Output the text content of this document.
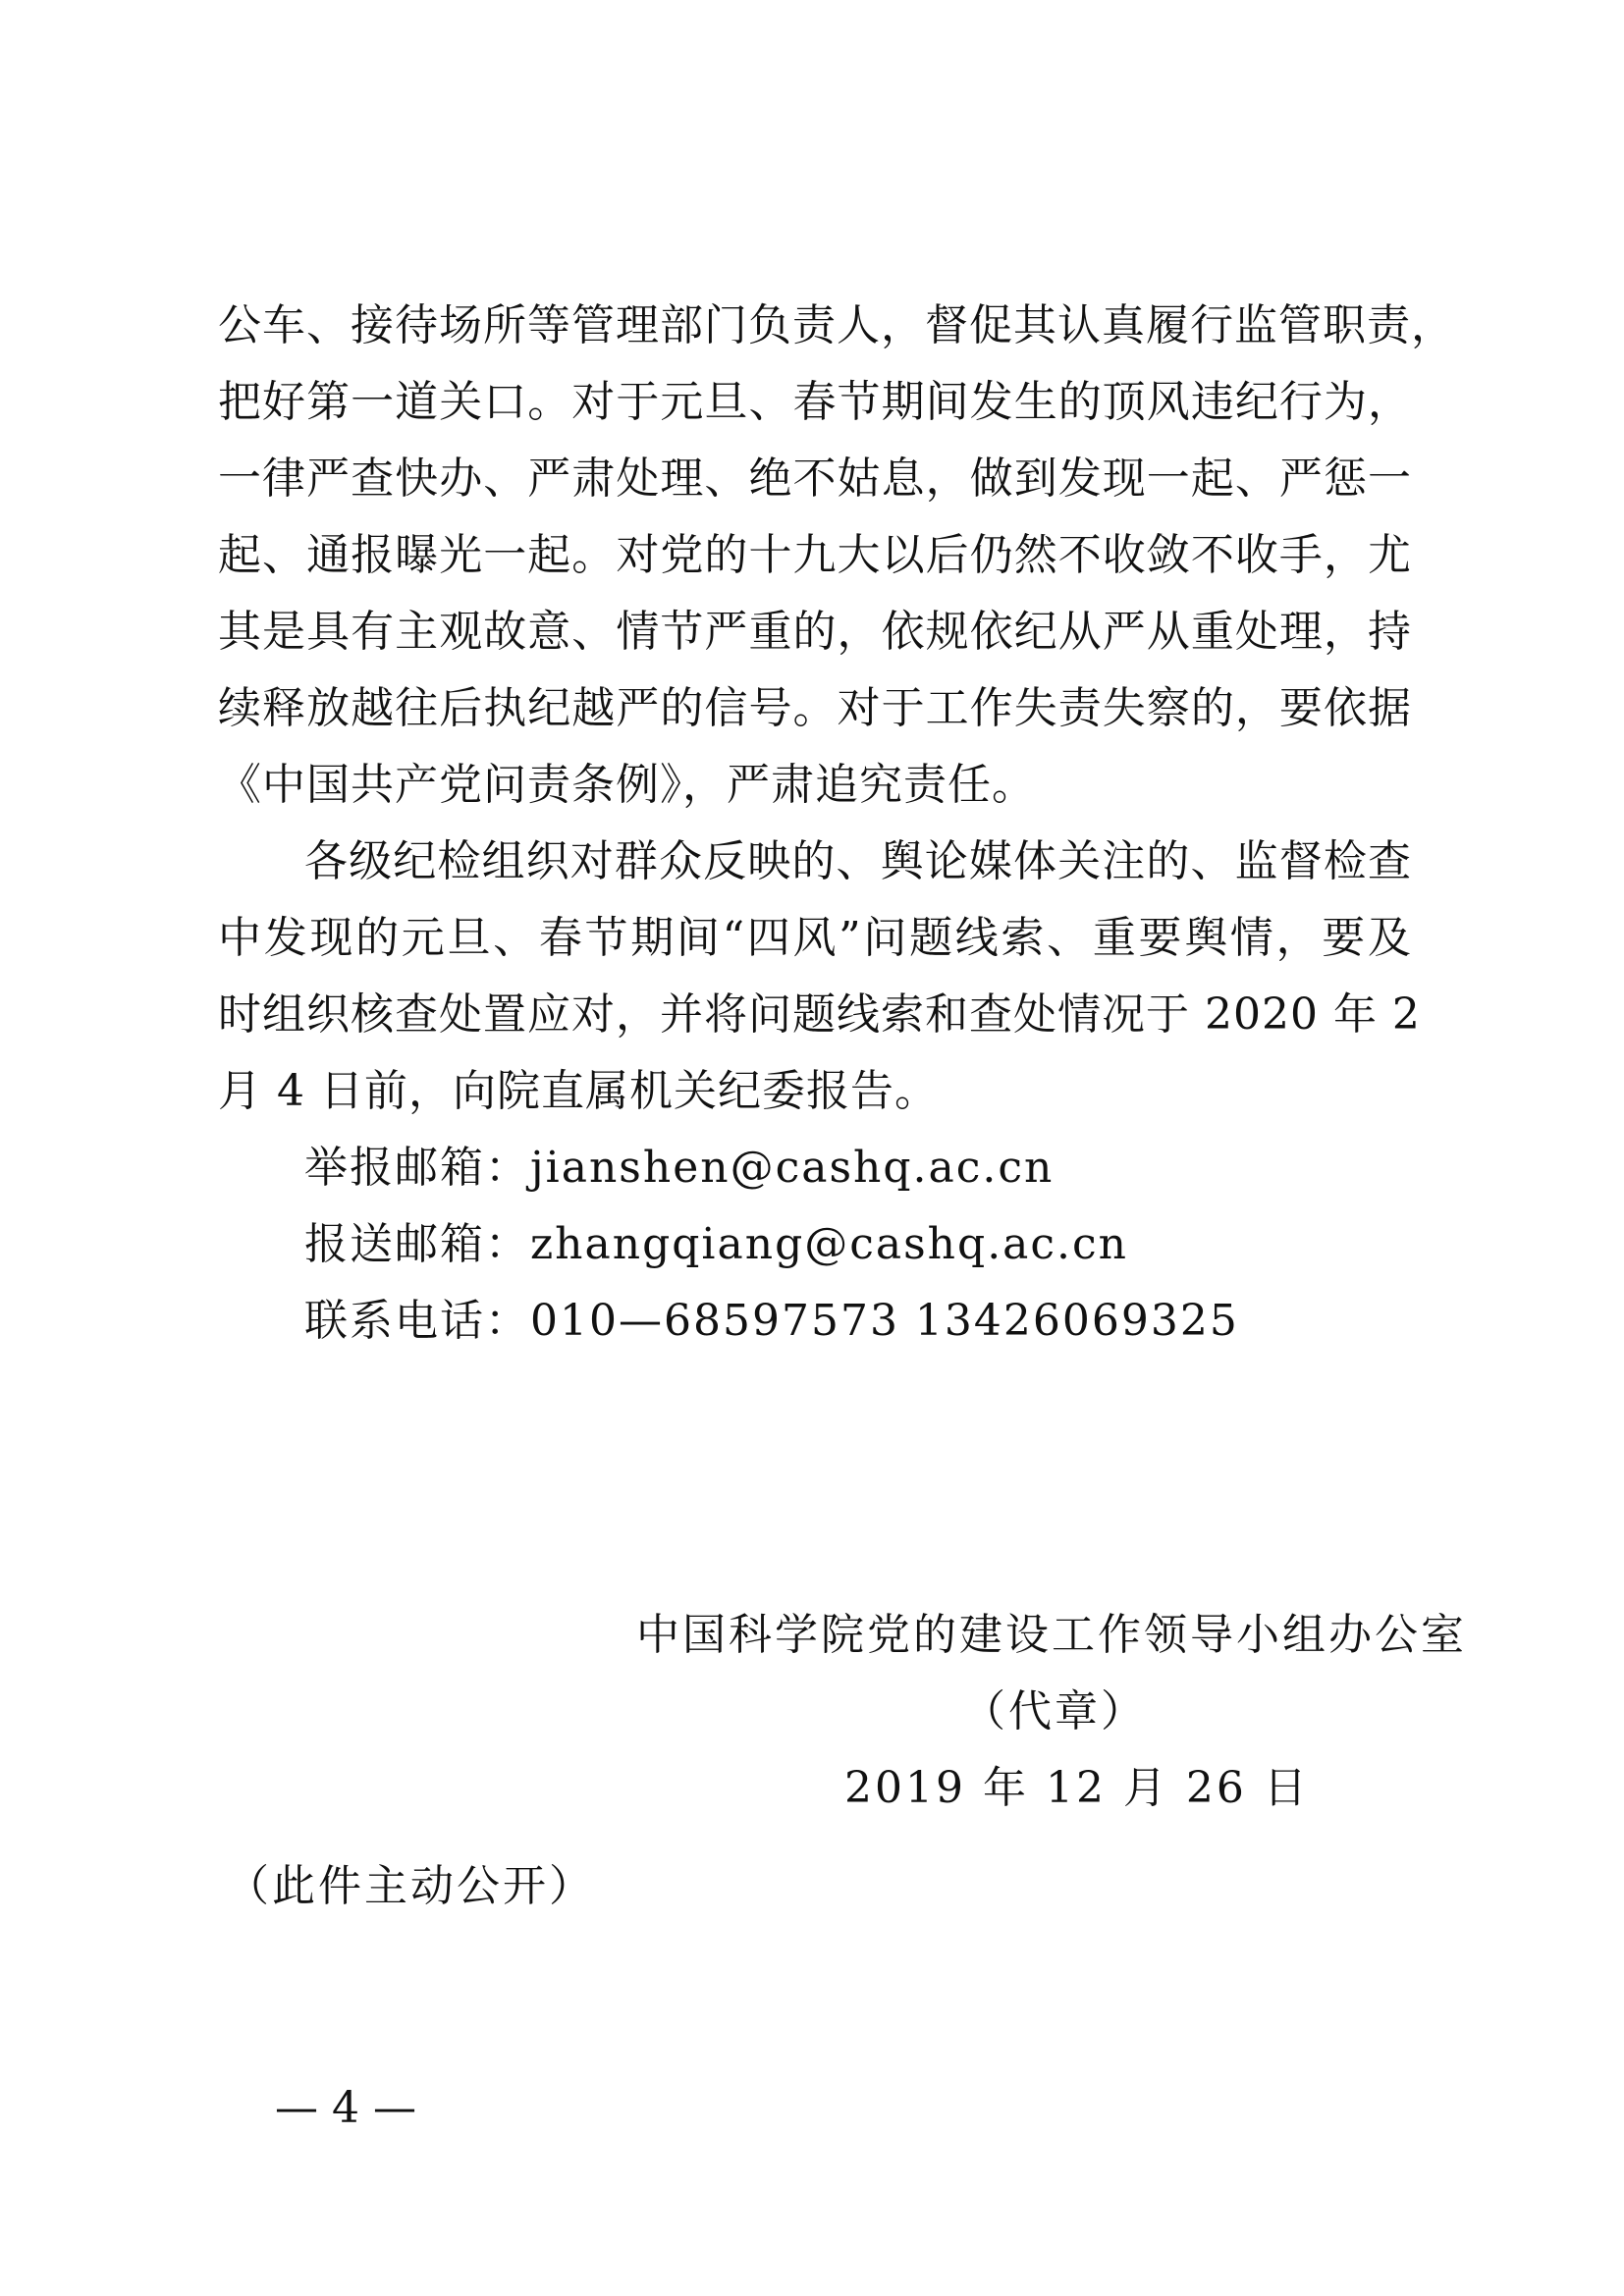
公车、接待场所等管理部门负责人，督促其认真履行监管职责，
把好第一道关口。对于元旦、春节期间发生的顶风违纪行为，
一律严查快办、严肃处理、绝不姑息，做到发现一起、严惩一
起、通报曝光一起。对党的十九大以后仍然不收敛不收手，尤
其是具有主观故意、情节严重的，依规依纪从严从重处理，持
续释放越往后执纪越严的信号。对于工作失责失察的，要依据
《中国共产党问责条例》，严肃追究责任。
各级纪检组织对群众反映的、舆论媒体关注的、监督检查
中发现的元旦、春节期间“四风”问题线索、重要舆情，要及
时组织核查处置应对，并将问题线索和查处情况于 2020 年 2
月 4 日前，向院直属机关纪委报告。
举报邮箱：jianshen@cashq.ac.cn
报送邮箱：zhangqiang@cashq.ac.cn
联系电话：010—68597573 13426069325
中国科学院党的建设工作领导小组办公室
（代章）
2019 年 12 月 26 日
（此件主动公开）
— 4 —
